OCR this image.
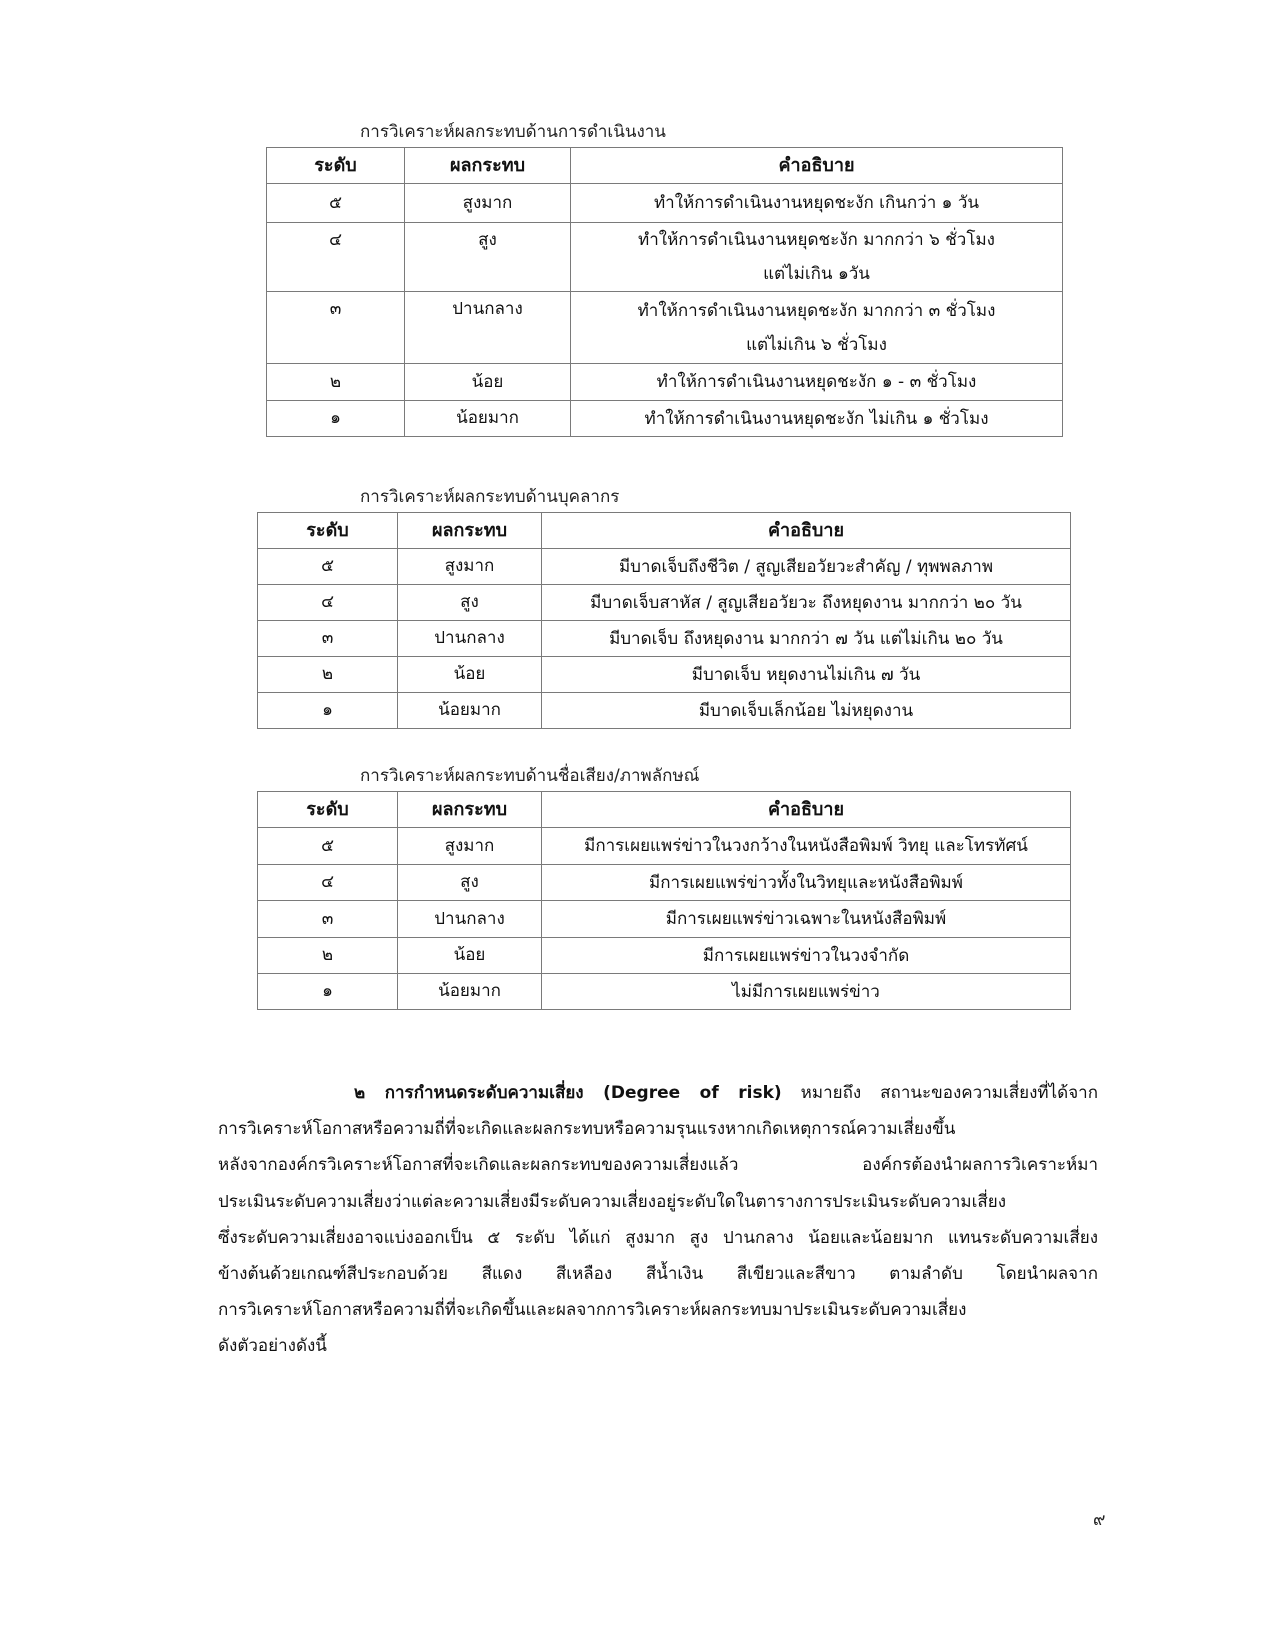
การวิเคราะห์ผลกระทบด้านการดำเนินงาน
ระดับ	ผลกระทบ	คำอธิบาย
๕	สูงมาก	ทำให้การดำเนินงานหยุดชะงัก เกินกว่า ๑ วัน
๔	สูง	ทำให้การดำเนินงานหยุดชะงัก มากกว่า ๖ ชั่วโมง
แต่ไม่เกิน ๑วัน

๓	ปานกลาง	ทำให้การดำเนินงานหยุดชะงัก มากกว่า ๓ ชั่วโมง
แต่ไม่เกิน ๖ ชั่วโมง

๒	น้อย	ทำให้การดำเนินงานหยุดชะงัก ๑ - ๓ ชั่วโมง
๑	น้อยมาก	ทำให้การดำเนินงานหยุดชะงัก ไม่เกิน ๑ ชั่วโมง
การวิเคราะห์ผลกระทบด้านบุคลากร
ระดับ	ผลกระทบ	คำอธิบาย
๕	สูงมาก	มีบาดเจ็บถึงชีวิต / สูญเสียอวัยวะสำคัญ / ทุพพลภาพ
๔	สูง	มีบาดเจ็บสาหัส / สูญเสียอวัยวะ ถึงหยุดงาน มากกว่า ๒๐ วัน
๓	ปานกลาง	มีบาดเจ็บ ถึงหยุดงาน มากกว่า ๗ วัน แต่ไม่เกิน ๒๐ วัน
๒	น้อย	มีบาดเจ็บ หยุดงานไม่เกิน ๗ วัน
๑	น้อยมาก	มีบาดเจ็บเล็กน้อย ไม่หยุดงาน
การวิเคราะห์ผลกระทบด้านชื่อเสียง/ภาพลักษณ์
ระดับ	ผลกระทบ	คำอธิบาย
๕	สูงมาก	มีการเผยแพร่ข่าวในวงกว้างในหนังสือพิมพ์ วิทยุ และโทรทัศน์
๔	สูง	มีการเผยแพร่ข่าวทั้งในวิทยุและหนังสือพิมพ์
๓	ปานกลาง	มีการเผยแพร่ข่าวเฉพาะในหนังสือพิมพ์
๒	น้อย	มีการเผยแพร่ข่าวในวงจำกัด
๑	น้อยมาก	ไม่มีการเผยแพร่ข่าว
๒ การกำหนดระดับความเสี่ยง (Degree of risk) หมายถึง สถานะของความเสี่ยงที่ได้จาก
การวิเคราะห์โอกาสหรือความถี่ที่จะเกิดและผลกระทบหรือความรุนแรงหากเกิดเหตุการณ์ความเสี่ยงขึ้น
หลังจากองค์กรวิเคราะห์โอกาสที่จะเกิดและผลกระทบของความเสี่ยงแล้ว องค์กรต้องนำผลการวิเคราะห์มา
ประเมินระดับความเสี่ยงว่าแต่ละความเสี่ยงมีระดับความเสี่ยงอยู่ระดับใดในตารางการประเมินระดับความเสี่ยง
ซึ่งระดับความเสี่ยงอาจแบ่งออกเป็น ๕ ระดับ ได้แก่ สูงมาก สูง ปานกลาง น้อยและน้อยมาก แทนระดับความเสี่ยง
ข้างต้นด้วยเกณฑ์สีประกอบด้วย สีแดง สีเหลือง สีน้ำเงิน สีเขียวและสีขาว ตามลำดับ โดยนำผลจาก
การวิเคราะห์โอกาสหรือความถี่ที่จะเกิดขึ้นและผลจากการวิเคราะห์ผลกระทบมาประเมินระดับความเสี่ยง
ดังตัวอย่างดังนี้
๙
